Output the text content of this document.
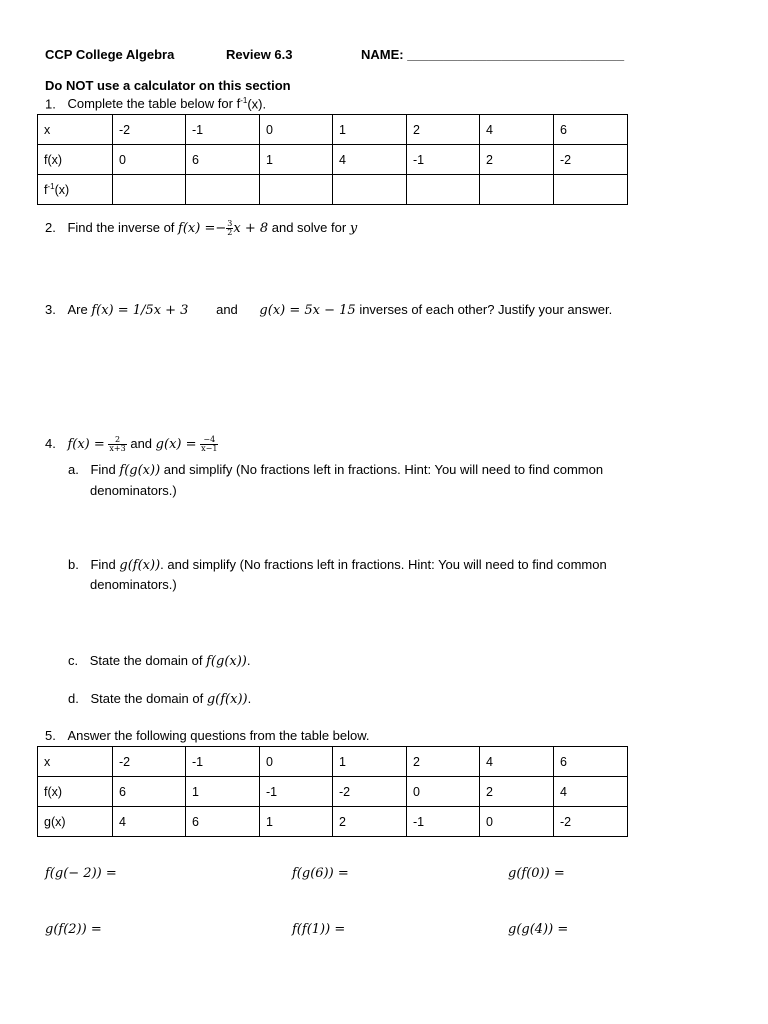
CCP College Algebra	Review 6.3	NAME: ______________________________
Do NOT use a calculator on this section
1. Complete the table below for $f^{-1}(x)$.
x	-2	-1	0	1	2	4	6
f(x)	0	6	1	4	-1	2	-2
$f^{-1}(x)$							
2. Find the inverse of $f(x) =- \frac{3}{2}$ x + 8 and solve for y
3. Are f(x) = 1/5x + 3 and g(x) = 5x − 15 inverses of each other? Justify your answer.
4. $f(x) = \frac{2}{x+3}$ and $g(x) = \frac{-4}{x-1}$
a. Find f(g(x)) and simplify (No fractions left in fractions. Hint: You will need to find common
denominators.)
b. Find g(f(x)). and simplify (No fractions left in fractions. Hint: You will need to find common
denominators.)
c. State the domain of f(g(x)).
d. State the domain of g(f(x)).
5. Answer the following questions from the table below.
x	-2	-1	0	1	2	4	6
f(x)	6	1	-1	-2	0	2	4
g(x)	4	6	1	2	-1	0	-2
f(g(− 2)) =	f(g(6)) =	g(f(0)) =
g(f(2)) =	f(f(1)) =	g(g(4)) =
